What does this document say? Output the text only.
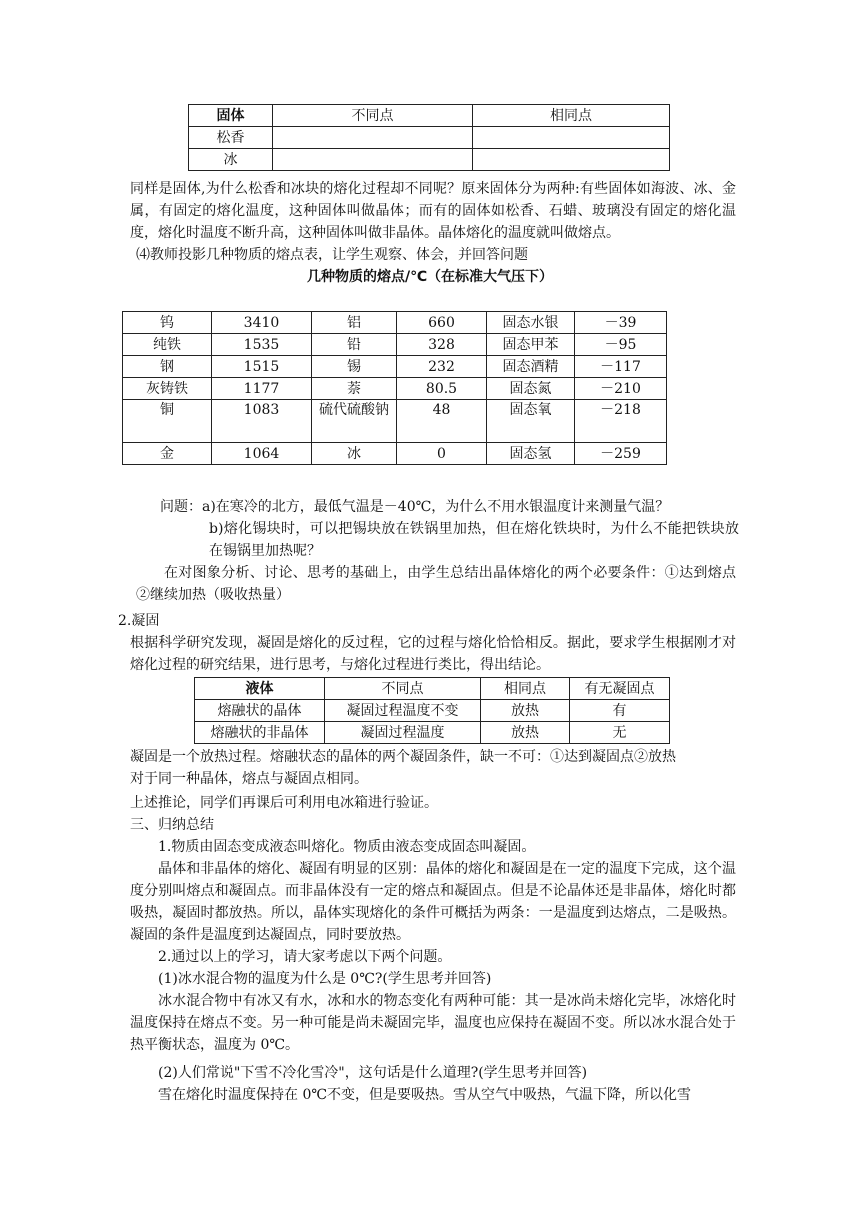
固体	不同点	相同点
松香		
冰		

同样是固体,为什么松香和冰块的熔化过程却不同呢？原来固体分为两种:有些固体如海波、冰、金属，有固定的熔化温度，这种固体叫做晶体；而有的固体如松香、石蜡、玻璃没有固定的熔化温度，熔化时温度不断升高，这种固体叫做非晶体。晶体熔化的温度就叫做熔点。

⑷教师投影几种物质的熔点表，让学生观察、体会，并回答问题

几种物质的熔点/℃（在标准大气压下）
钨	3410	铝	660	固态水银	－39
纯铁	1535	铅	328	固态甲苯	－95
钢	1515	锡	232	固态酒精	－117
灰铸铁	1177	萘	80.5	固态氮	－210
铜	1083	硫代硫酸钠	48	固态氧	－218
金	1064	冰	0	固态氢	－259

问题：a)在寒冷的北方，最低气温是－40℃，为什么不用水银温度计来测量气温？

b)熔化锡块时，可以把锡块放在铁锅里加热，但在熔化铁块时，为什么不能把铁块放在锡锅里加热呢？

在对图象分析、讨论、思考的基础上，由学生总结出晶体熔化的两个必要条件：①达到熔点②继续加热（吸收热量）

2.凝固

根据科学研究发现，凝固是熔化的反过程，它的过程与熔化恰恰相反。据此，要求学生根据刚才对熔化过程的研究结果，进行思考，与熔化过程进行类比，得出结论。

液体	不同点	相同点	有无凝固点
熔融状的晶体	凝固过程温度不变	放热	有
熔融状的非晶体	凝固过程温度	放热	无

凝固是一个放热过程。熔融状态的晶体的两个凝固条件，缺一不可：①达到凝固点②放热

对于同一种晶体，熔点与凝固点相同。

上述推论，同学们再课后可利用电冰箱进行验证。

三、归纳总结

1.物质由固态变成液态叫熔化。物质由液态变成固态叫凝固。

晶体和非晶体的熔化、凝固有明显的区别：晶体的熔化和凝固是在一定的温度下完成，这个温度分别叫熔点和凝固点。而非晶体没有一定的熔点和凝固点。但是不论晶体还是非晶体，熔化时都吸热，凝固时都放热。所以，晶体实现熔化的条件可概括为两条：一是温度到达熔点，二是吸热。凝固的条件是温度到达凝固点，同时要放热。

2.通过以上的学习，请大家考虑以下两个问题。

(1)冰水混合物的温度为什么是 0℃?(学生思考并回答)

冰水混合物中有冰又有水，冰和水的物态变化有两种可能：其一是冰尚未熔化完毕，冰熔化时温度保持在熔点不变。另一种可能是尚未凝固完毕，温度也应保持在凝固不变。所以冰水混合处于热平衡状态，温度为 0℃。

(2)人们常说"下雪不冷化雪冷"，这句话是什么道理?(学生思考并回答)

雪在熔化时温度保持在 0℃不变，但是要吸热。雪从空气中吸热，气温下降，所以化雪
